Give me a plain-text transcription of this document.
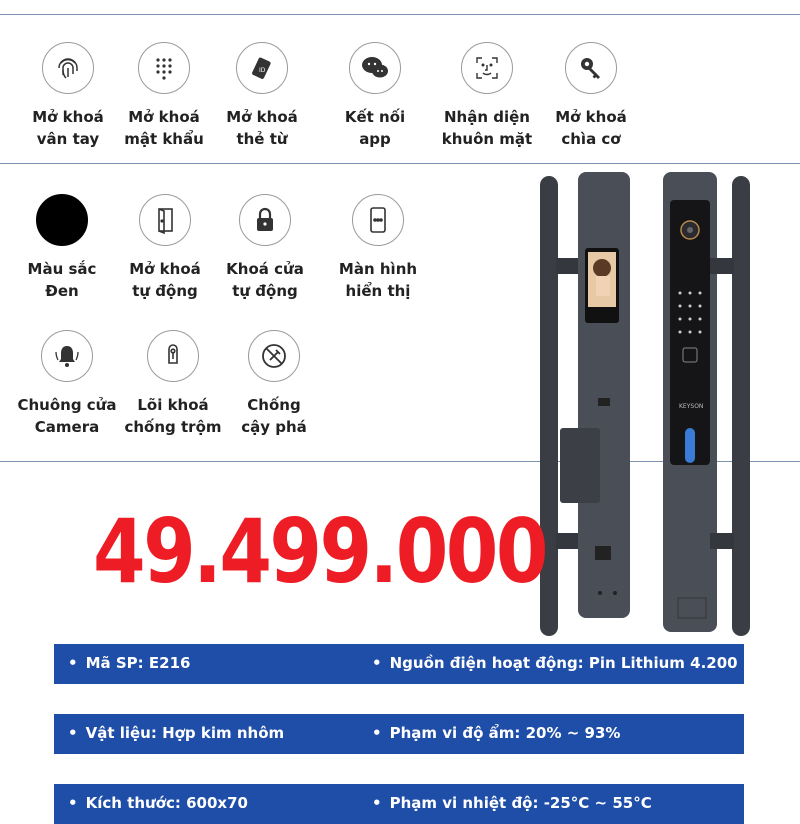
Mở khoá
vân tay
Mở khoá
mật khẩu
ID
Mở khoá
thẻ từ
Kết nối
app
Nhận diện
khuôn mặt
Mở khoá
chìa cơ
Màu sắc
Đen
Mở khoá
tự động
Khoá cửa
tự động
Màn hình
hiển thị
Chuông cửa
Camera
Lõi khoá
chống trộm
Chống
cậy phá
KEYSON
49.499.000
• Mã SP: E216	• Nguồn điện hoạt động: Pin Lithium 4.200 MA
• Vật liệu: Hợp kim nhôm	• Phạm vi độ ẩm: 20% ~ 93%
• Kích thước: 600x70	• Phạm vi nhiệt độ: -25°C ~ 55°C
